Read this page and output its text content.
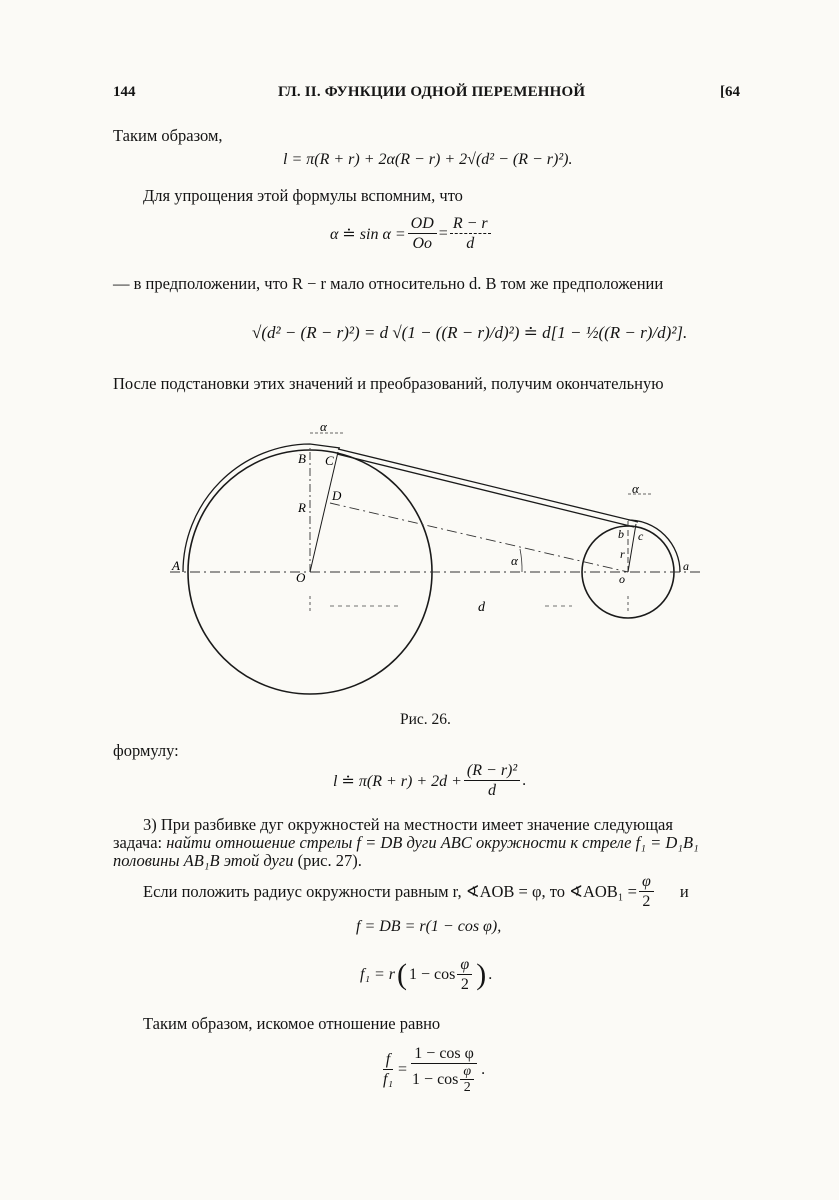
144	ГЛ. II. ФУНКЦИИ ОДНОЙ ПЕРЕМЕННОЙ	[64
Таким образом,
l = π(R + r) + 2α(R − r) + 2√(d² − (R − r)²).
Для упрощения этой формулы вспомним, что
α ≐ $\sin \alpha = \frac{OD}{Oo} = \frac{R - r}{d}$
— в предположении, что R − r мало относительно d. В том же предположении
√(d² − (R − r)²) = d √(1 − ((R − r)/d)²) ≐ d[1 − ½((R − r)/d)²].
После подстановки этих значений и преобразований, получим окончательную
A
B C
D
R
O
α
α
α
b c
r
o
a
d
Рис. 26.
формулу:
l ≐ $\pi(R + r) + 2d + \frac{\text{(R − r)²}}{d}$ .
3) При разбивке дуг окружностей на местности имеет значение следующая
задача: найти отношение стрелы f = DB дуги ABC окружности к стреле f₁ = D₁B₁
половины AB₁B этой дуги (рис. 27).
Если положить радиус окружности равным r, ∢AOB = φ, то ∢AOB₁ = $\frac{\varphi}{2}$ и
f = DB = r(1 − cos φ),
f₁ = r ( $1 - \cos \frac{\varphi}{2}$ ) .
Таким образом, искомое отношение равно
$\frac{f}{\text{f₁}} = \frac{\text{1 − cos φ}}{1 - \cos \frac{\varphi}{2}}$ .
